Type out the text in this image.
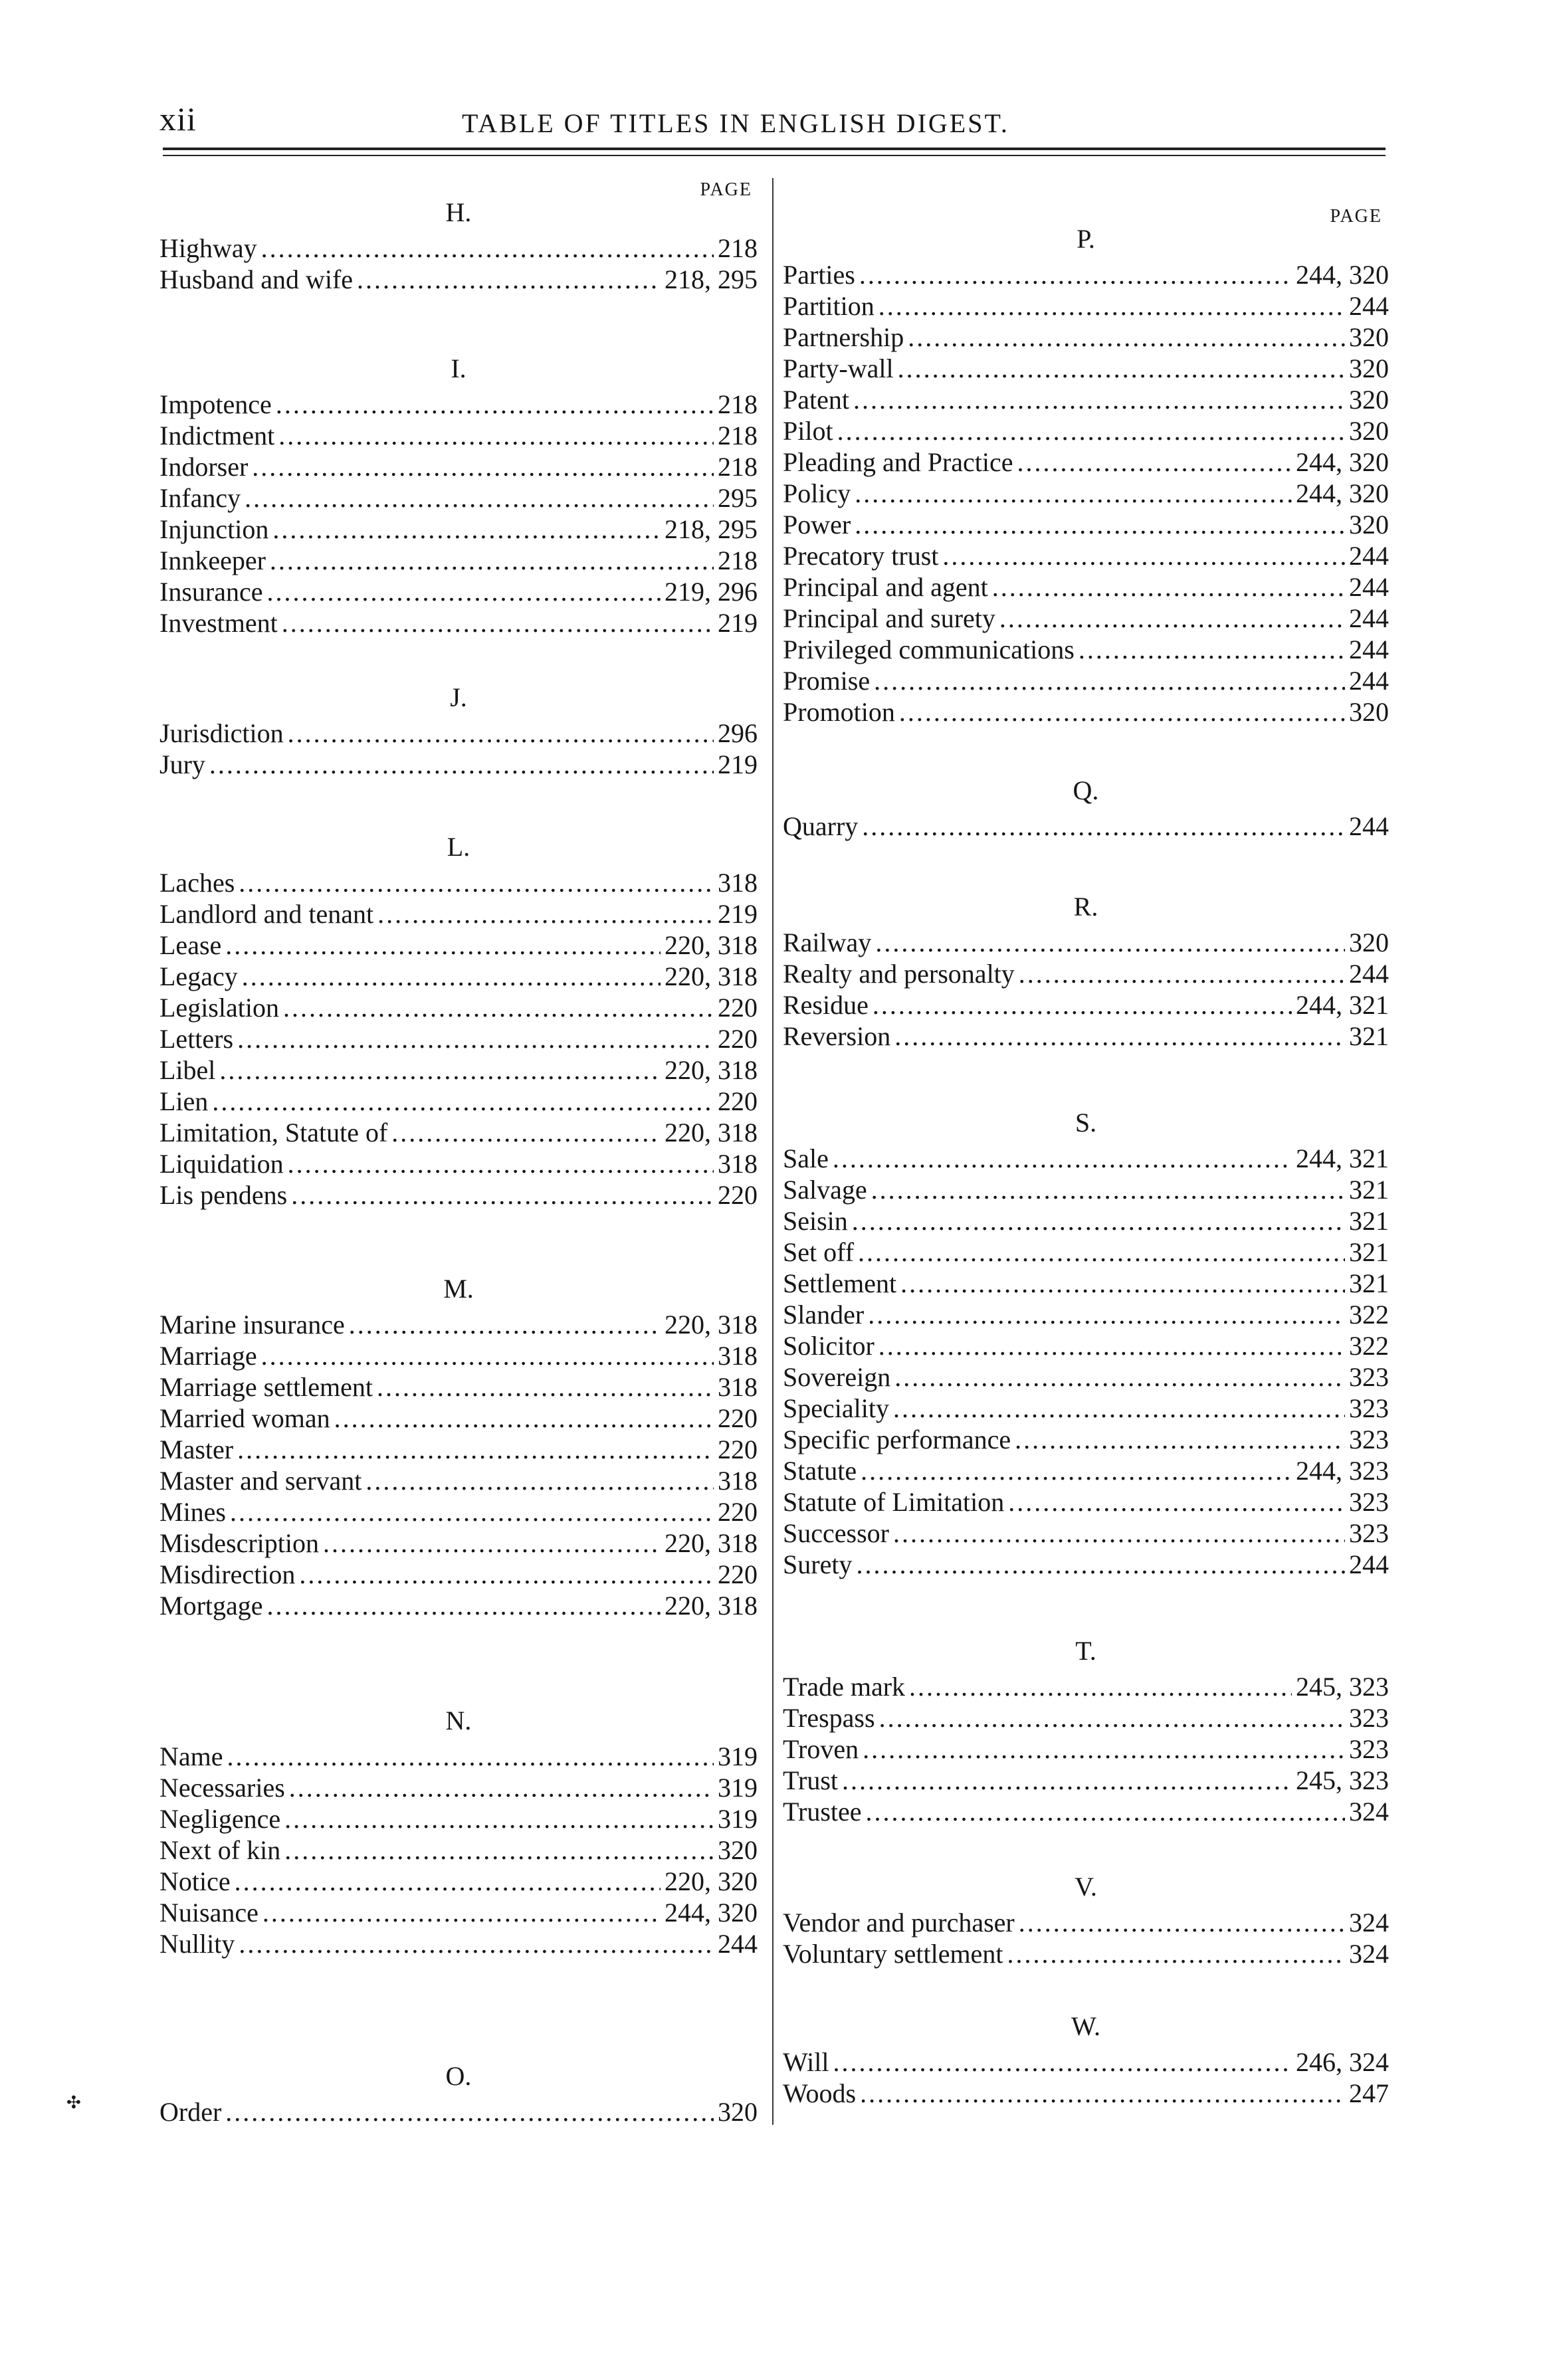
xii	TABLE OF TITLES IN ENGLISH DIGEST.
PAGE
H.
Highway .....	218
Husband and wife .....	218, 295
I.
Impotence .....	218
Indictment .....	218
Indorser .....	218
Infancy .....	295
Injunction .....	218, 295
Innkeeper .....	218
Insurance .....	219, 296
Investment .....	219
J.
Jurisdiction .....	296
Jury .....	219
L.
Laches .....	318
Landlord and tenant .....	219
Lease .....	220, 318
Legacy .....	220, 318
Legislation .....	220
Letters .....	220
Libel .....	220, 318
Lien .....	220
Limitation, Statute of .....	220, 318
Liquidation .....	318
Lis pendens .....	220
M.
Marine insurance .....	220, 318
Marriage .....	318
Marriage settlement .....	318
Married woman .....	220
Master .....	220
Master and servant .....	318
Mines .....	220
Misdescription .....	220, 318
Misdirection .....	220
Mortgage .....	220, 318
N.
Name .....	319
Necessaries .....	319
Negligence .....	319
Next of kin .....	320
Notice .....	220, 320
Nuisance .....	244, 320
Nullity .....	244
O.
Order .....	320
PAGE
P.
Parties .....	244, 320
Partition .....	244
Partnership .....	320
Party-wall .....	320
Patent .....	320
Pilot .....	320
Pleading and Practice .....	244, 320
Policy .....	244, 320
Power .....	320
Precatory trust .....	244
Principal and agent .....	244
Principal and surety .....	244
Privileged communications .....	244
Promise .....	244
Promotion .....	320
Q.
Quarry .....	244
R.
Railway .....	320
Realty and personalty .....	244
Residue .....	244, 321
Reversion .....	321
S.
Sale .....	244, 321
Salvage .....	321
Seisin .....	321
Set off .....	321
Settlement .....	321
Slander .....	322
Solicitor .....	322
Sovereign .....	323
Speciality .....	323
Specific performance .....	323
Statute .....	244, 323
Statute of Limitation .....	323
Successor .....	323
Surety .....	244
T.
Trade mark .....	245, 323
Trespass .....	323
Troven .....	323
Trust .....	245, 323
Trustee .....	324
V.
Vendor and purchaser .....	324
Voluntary settlement .....	324
W.
Will .....	246, 324
Woods .....	247
✣
